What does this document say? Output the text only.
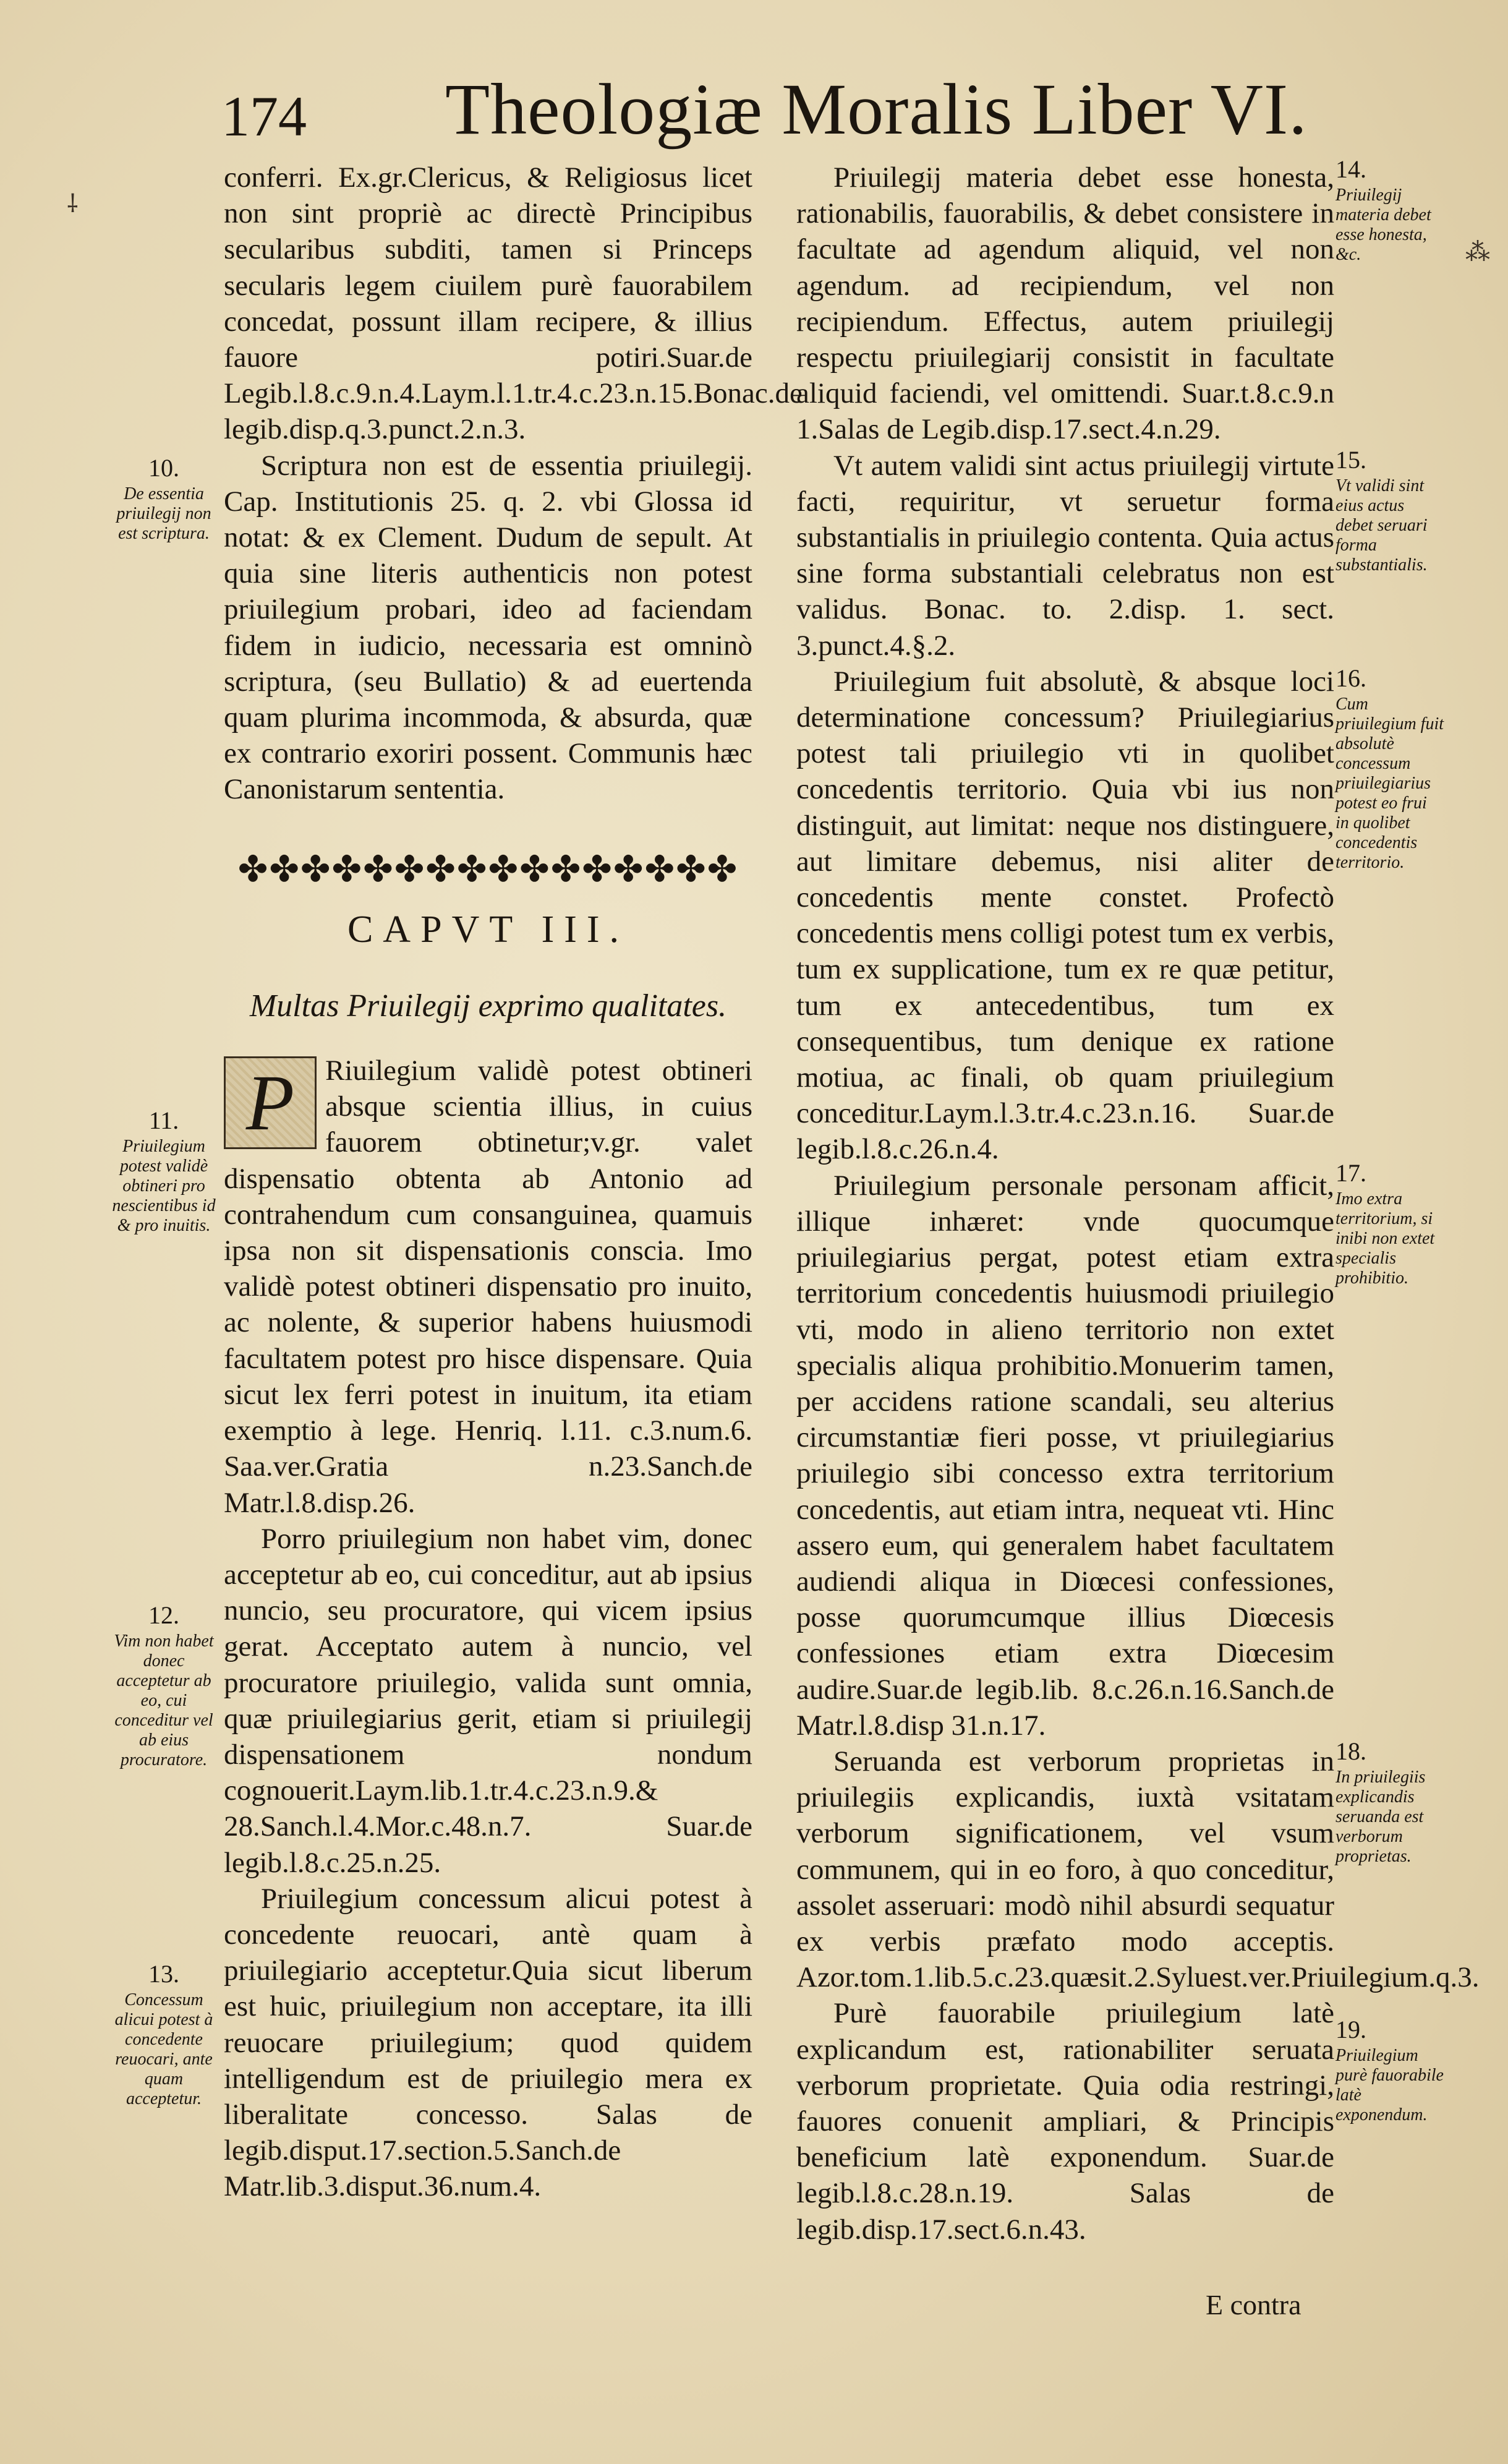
174 Theologiæ Moralis Liber VI.
⸸
⁂

conferri. Ex.gr.Clericus, & Religiosus licet non sint propriè ac directè Principibus secularibus subditi, tamen si Princeps secularis legem ciuilem purè fauorabilem concedat, possunt illam recipere, & illius fauore potiri.Suar.de Legib.l.8.c.9.n.4.Laym.l.1.tr.4.c.23.n.15.Bonac.de legib.disp.q.3.punct.2.n.3.

Scriptura non est de essentia priuilegij. Cap. Institutionis 25. q. 2. vbi Glossa id notat: & ex Clement. Dudum de sepult. At quia sine literis authenticis non potest priuilegium probari, ideo ad faciendam fidem in iudicio, necessaria est omninò scriptura, (seu Bullatio) & ad euertenda quam plurima incommoda, & absurda, quæ ex contrario exoriri possent. Communis hæc Canonistarum sententia.

✤✤✤✤✤✤✤✤✤✤✤✤✤✤✤✤
CAPVT III.
Multas Priuilegij exprimo qualitates.
P	Riuilegium validè potest obtineri absque scientia illius, in cuius fauorem obtinetur;v.gr. valet dispensatio obtenta ab Antonio ad contrahendum cum consanguinea, quamuis ipsa non sit dispensationis conscia. Imo validè potest obtineri dispensatio pro inuito, ac nolente, & superior habens huiusmodi facultatem potest pro hisce dispensare. Quia sicut lex ferri potest in inuitum, ita etiam exemptio à lege. Henriq. l.11. c.3.num.6. Saa.ver.Gratia n.23.Sanch.de Matr.l.8.disp.26.

Porro priuilegium non habet vim, donec acceptetur ab eo, cui conceditur, aut ab ipsius nuncio, seu procuratore, qui vicem ipsius gerat. Acceptato autem à nuncio, vel procuratore priuilegio, valida sunt omnia, quæ priuilegiarius gerit, etiam si priuilegij dispensationem nondum cognouerit.Laym.lib.1.tr.4.c.23.n.9.& 28.Sanch.l.4.Mor.c.48.n.7. Suar.de legib.l.8.c.25.n.25.

Priuilegium concessum alicui potest à concedente reuocari, antè quam à priuilegiario acceptetur.Quia sicut liberum est huic, priuilegium non acceptare, ita illi reuocare priuilegium; quod quidem intelligendum est de priuilegio mera ex liberalitate concesso. Salas de legib.disput.17.section.5.Sanch.de Matr.lib.3.disput.36.num.4.

Priuilegij materia debet esse honesta, rationabilis, fauorabilis, & debet consistere in facultate ad agendum aliquid, vel non agendum. ad recipiendum, vel non recipiendum. Effectus, autem priuilegij respectu priuilegiarij consistit in facultate aliquid faciendi, vel omittendi. Suar.t.8.c.9.n 1.Salas de Legib.disp.17.sect.4.n.29.

Vt autem validi sint actus priuilegij virtute facti, requiritur, vt seruetur forma substantialis in priuilegio contenta. Quia actus sine forma substantiali celebratus non est validus. Bonac. to. 2.disp. 1. sect. 3.punct.4.§.2.

Priuilegium fuit absolutè, & absque loci determinatione concessum? Priuilegiarius potest tali priuilegio vti in quolibet concedentis territorio. Quia vbi ius non distinguit, aut limitat: neque nos distinguere, aut limitare debemus, nisi aliter de concedentis mente constet. Profectò concedentis mens colligi potest tum ex verbis, tum ex supplicatione, tum ex re quæ petitur, tum ex antecedentibus, tum ex consequentibus, tum denique ex ratione motiua, ac finali, ob quam priuilegium conceditur.Laym.l.3.tr.4.c.23.n.16. Suar.de legib.l.8.c.26.n.4.

Priuilegium personale personam afficit, illique inhæret: vnde quocumque priuilegiarius pergat, potest etiam extra territorium concedentis huiusmodi priuilegio vti, modo in alieno territorio non extet specialis aliqua prohibitio.Monuerim tamen, per accidens ratione scandali, seu alterius circumstantiæ fieri posse, vt priuilegiarius priuilegio sibi concesso extra territorium concedentis, aut etiam intra, nequeat vti. Hinc assero eum, qui generalem habet facultatem audiendi aliqua in Diœcesi confessiones, posse quorumcumque illius Diœcesis confessiones etiam extra Diœcesim audire.Suar.de legib.lib. 8.c.26.n.16.Sanch.de Matr.l.8.disp 31.n.17.

Seruanda est verborum proprietas in priuilegiis explicandis, iuxtà vsitatam verborum significationem, vel vsum communem, qui in eo foro, à quo conceditur, assolet asseruari: modò nihil absurdi sequatur ex verbis præfato modo acceptis. Azor.tom.1.lib.5.c.23.quæsit.2.Syluest.ver.Priuilegium.q.3.

Purè fauorabile priuilegium latè explicandum est, rationabiliter seruata verborum proprietate. Quia odia restringi, fauores conuenit ampliari, & Principis beneficium latè exponendum. Suar.de legib.l.8.c.28.n.19. Salas de legib.disp.17.sect.6.n.43.

10.
De essentia priuilegij non est scriptura.
11.
Priuilegium potest validè obtineri pro nescientibus id & pro inuitis.
12.
Vim non habet donec acceptetur ab eo, cui conceditur vel ab eius procuratore.
13.
Concessum alicui potest à concedente reuocari, ante quam acceptetur.
14.
Priuilegij materia debet esse honesta, &c.
15.
Vt validi sint eius actus debet seruari forma substantialis.
16.
Cum priuilegium fuit absolutè concessum priuilegiarius potest eo frui in quolibet concedentis territorio.
17.
Imo extra territorium, si inibi non extet specialis prohibitio.
18.
In priuilegiis explicandis seruanda est verborum proprietas.
19.
Priuilegium purè fauorabile latè exponendum.
E contra
